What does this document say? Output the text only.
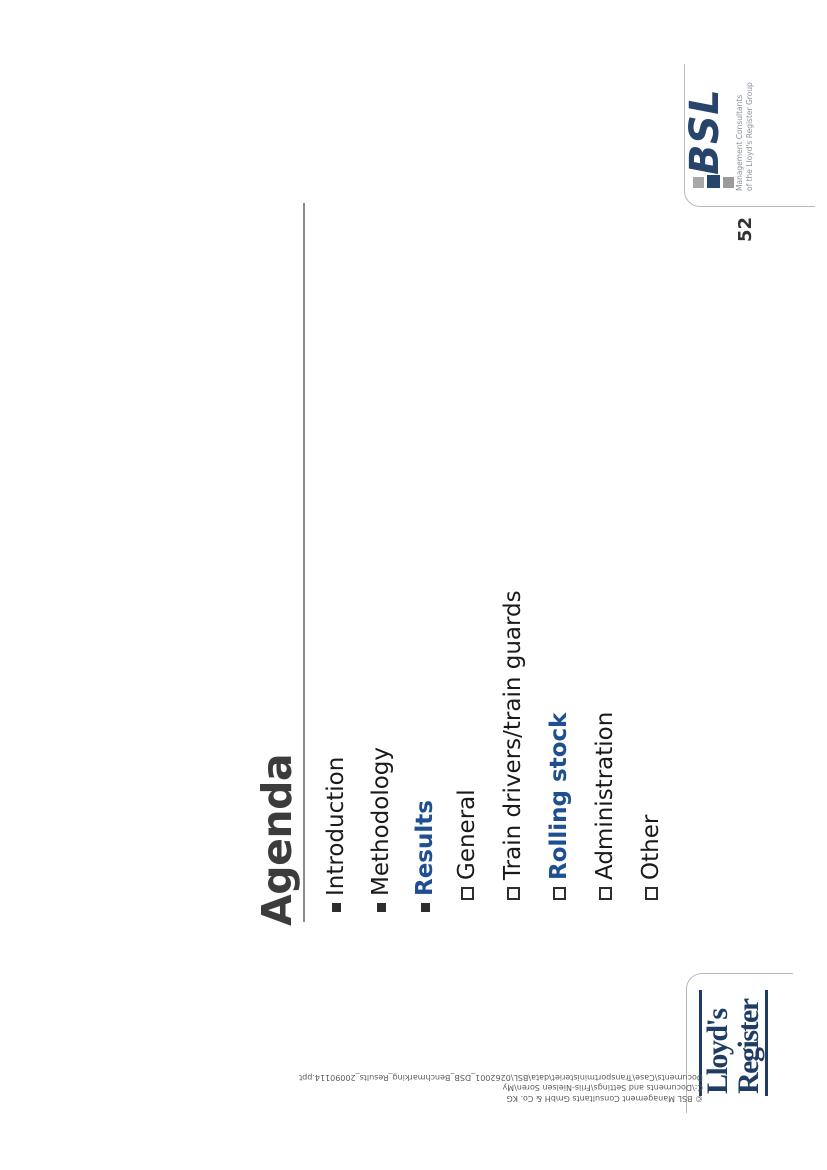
Agenda Introduction Methodology Results General Train drivers/train guards Rolling stock Administration Other
BSL Management Consultants of the Lloyd's Register Group
52
Lloyd's
Register
© BSL Management Consultants GmbH & Co. KG
C:\Documents and Settings\Friis-Nielsen Soren\My
Documents\Case\Transportministeriet\data\BSL\0262001_DSB_Benchmarking_Results_20090114.ppt
